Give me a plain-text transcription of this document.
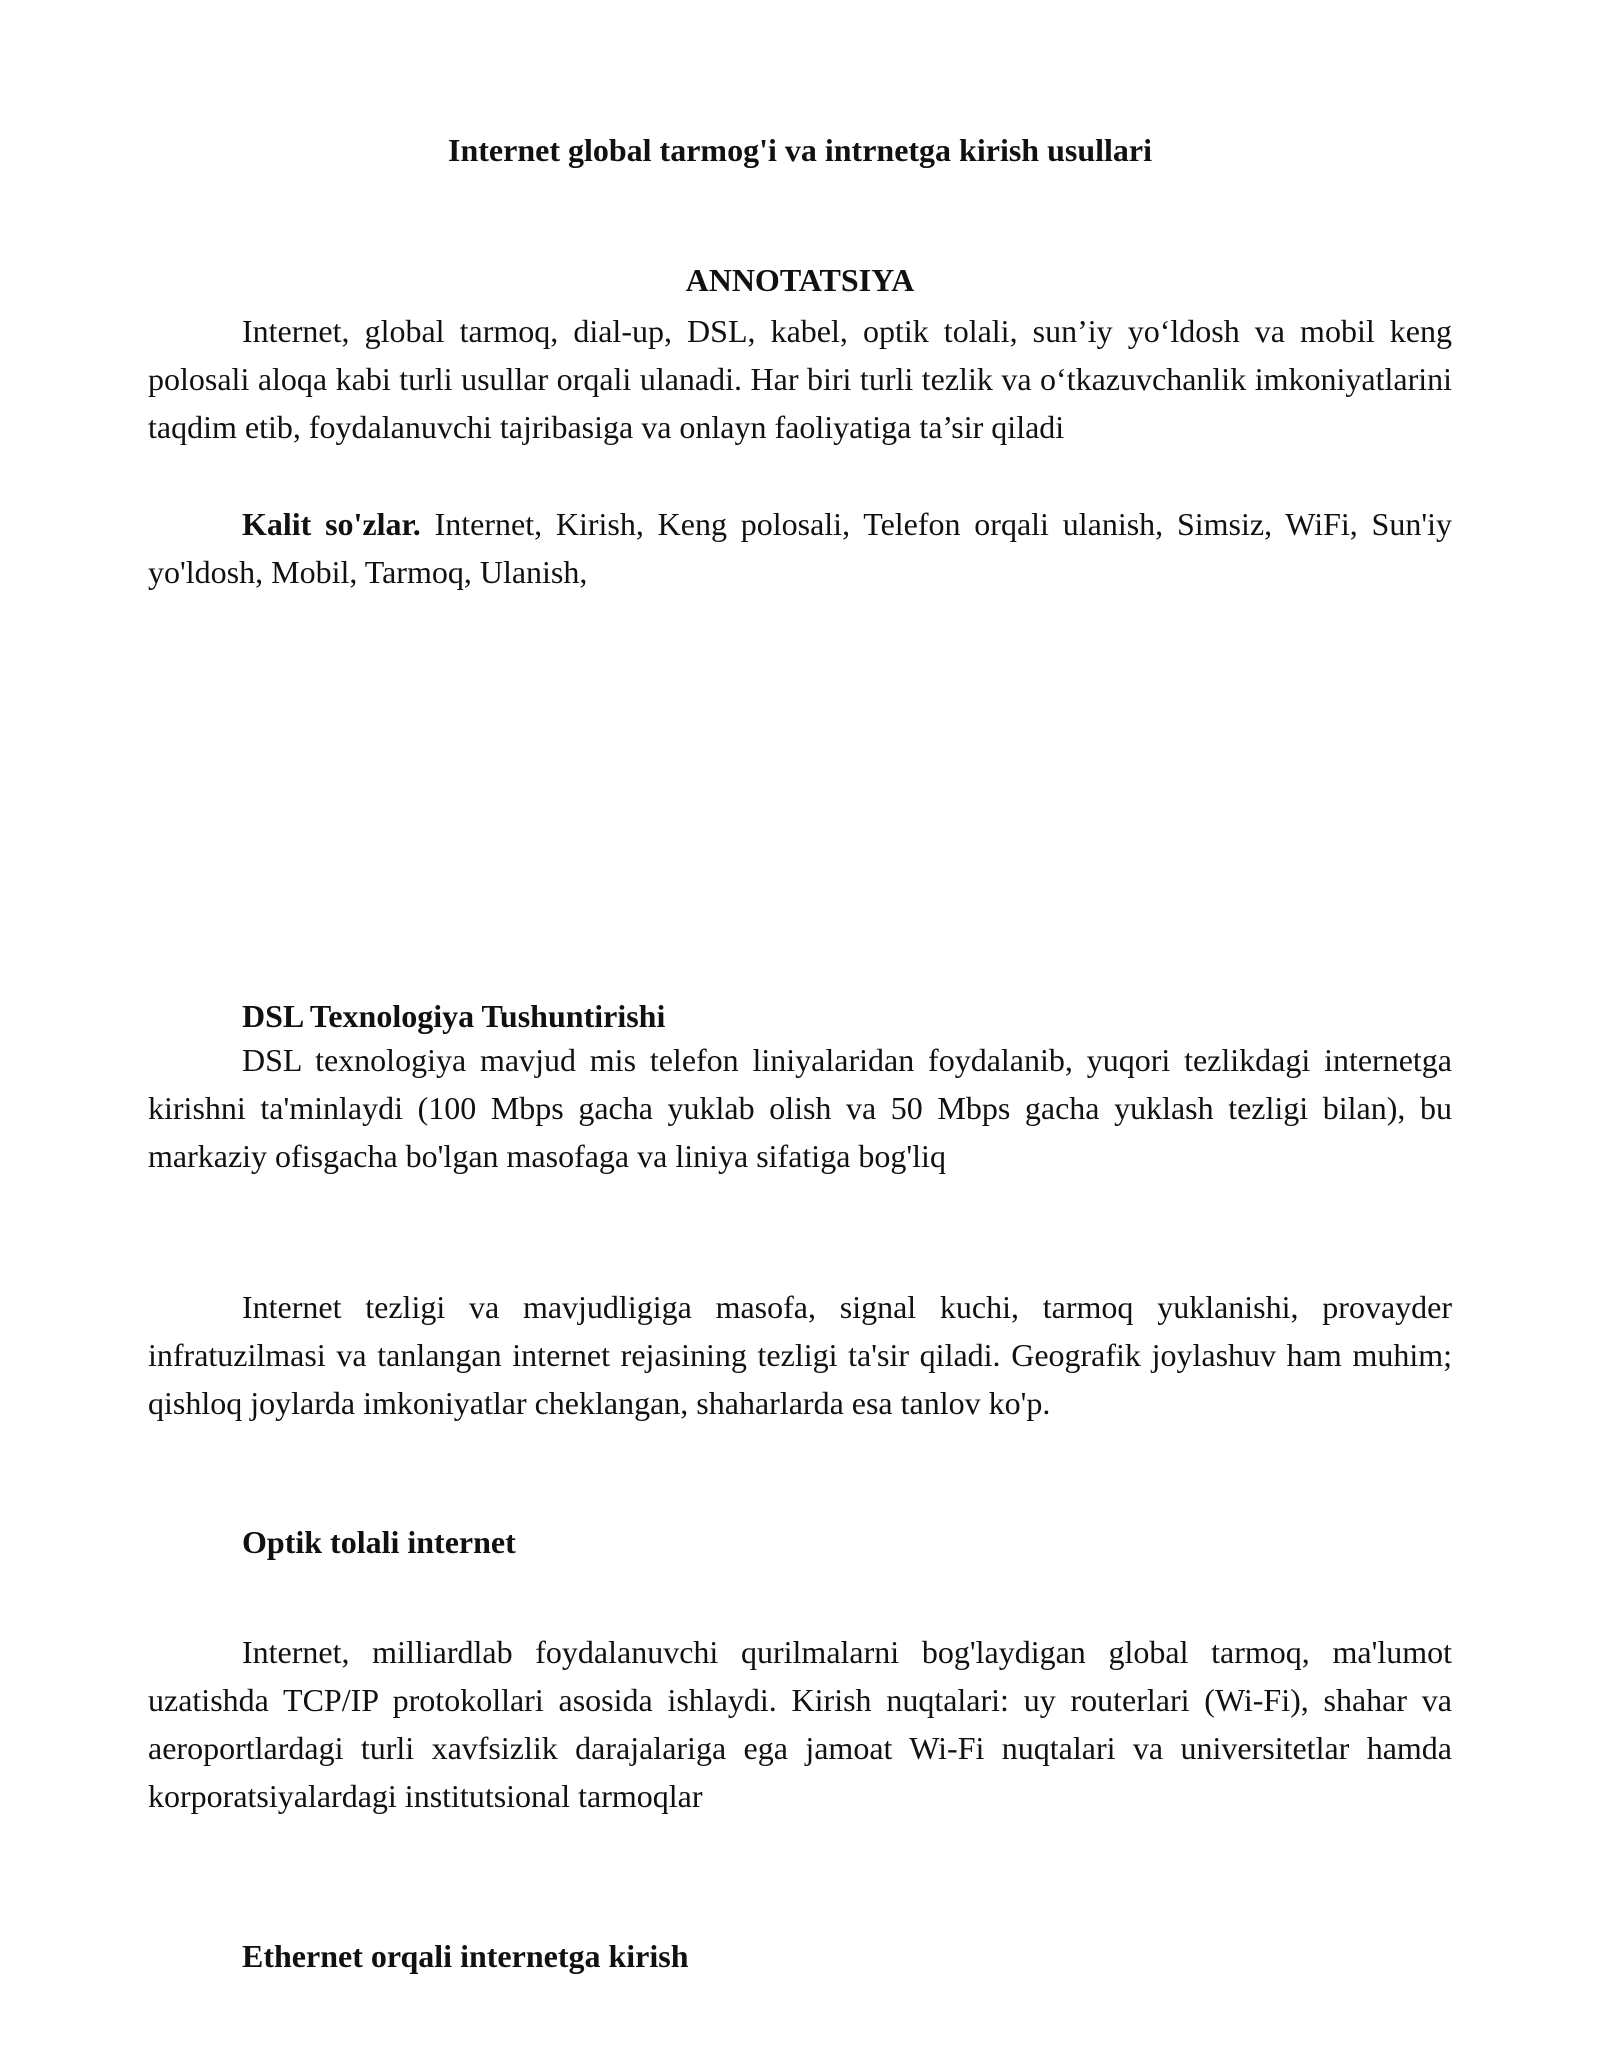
Internet global tarmog'i va intrnetga kirish usullari
ANNOTATSIYA

Internet, global tarmoq, dial-up, DSL, kabel, optik tolali, sun’iy yo‘ldosh va mobil keng polosali aloqa kabi turli usullar orqali ulanadi. Har biri turli tezlik va o‘tkazuvchanlik imkoniyatlarini taqdim etib, foydalanuvchi tajribasiga va onlayn faoliyatiga ta’sir qiladi

Kalit so'zlar. Internet, Kirish, Keng polosali, Telefon orqali ulanish, Simsiz, WiFi, Sun'iy yo'ldosh, Mobil, Tarmoq, Ulanish,

DSL Texnologiya Tushuntirishi

DSL texnologiya mavjud mis telefon liniyalaridan foydalanib, yuqori tezlikdagi internetga kirishni ta'minlaydi (100 Mbps gacha yuklab olish va 50 Mbps gacha yuklash tezligi bilan), bu markaziy ofisgacha bo'lgan masofaga va liniya sifatiga bog'liq

Internet tezligi va mavjudligiga masofa, signal kuchi, tarmoq yuklanishi, provayder infratuzilmasi va tanlangan internet rejasining tezligi ta'sir qiladi. Geografik joylashuv ham muhim; qishloq joylarda imkoniyatlar cheklangan, shaharlarda esa tanlov ko'p.

Optik tolali internet

Internet, milliardlab foydalanuvchi qurilmalarni bog'laydigan global tarmoq, ma'lumot uzatishda TCP/IP protokollari asosida ishlaydi. Kirish nuqtalari: uy routerlari (Wi-Fi), shahar va aeroportlardagi turli xavfsizlik darajalariga ega jamoat Wi-Fi nuqtalari va universitetlar hamda korporatsiyalardagi institutsional tarmoqlar

Ethernet orqali internetga kirish
